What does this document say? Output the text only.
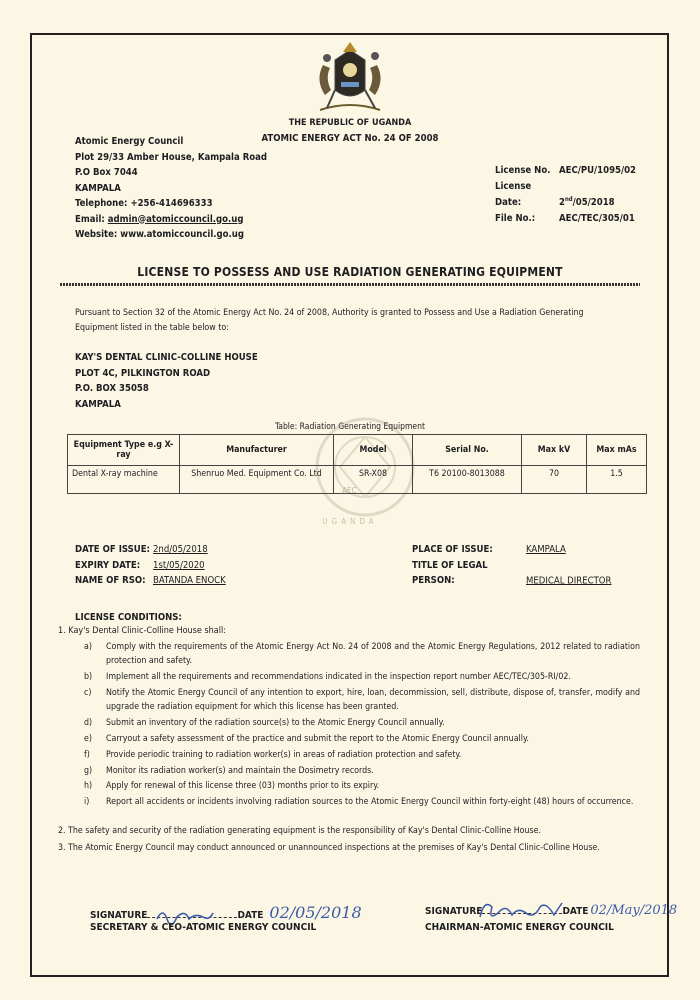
THE REPUBLIC OF UGANDA
ATOMIC ENERGY ACT No. 24 OF 2008
Atomic Energy Council
Plot 29/33 Amber House, Kampala Road
P.O Box 7044
KAMPALA
Telephone: +256-414696333
Email: admin@atomiccouncil.go.ug
Website: www.atomiccouncil.go.ug
License No. AEC/PU/1095/02
License Date:	2nd/05/2018
File No.:	AEC/TEC/305/01
LICENSE TO POSSESS AND USE RADIATION GENERATING EQUIPMENT
Pursuant to Section 32 of the Atomic Energy Act No. 24 of 2008, Authority is granted to Possess and Use a Radiation Generating Equipment listed in the table below to:
KAY'S DENTAL CLINIC-COLLINE HOUSE
PLOT 4C, PILKINGTON ROAD
P.O. BOX 35058
KAMPALA
Table: Radiation Generating Equipment
Equipment Type e.g X-ray	Manufacturer	Model	Serial No.	Max kV	Max mAs
Dental X-ray machine	Shenruo Med. Equipment Co. Ltd	SR-X08	T6 20100-8013088	70	1.5
AEC
UGANDA
DATE OF ISSUE: 2nd/05/2018
EXPIRY DATE: 1st/05/2020
NAME OF RSO: BATANDA ENOCK
PLACE OF ISSUE:	KAMPALA
TITLE OF LEGAL PERSON:	MEDICAL DIRECTOR
LICENSE CONDITIONS:
1. Kay's Dental Clinic-Colline House shall:
a) Comply with the requirements of the Atomic Energy Act No. 24 of 2008 and the Atomic Energy Regulations, 2012 related to radiation protection and safety.
b) Implement all the requirements and recommendations indicated in the inspection report number AEC/TEC/305-RI/02.
c) Notify the Atomic Energy Council of any intention to export, hire, loan, decommission, sell, distribute, dispose of, transfer, modify and upgrade the radiation equipment for which this license has been granted.
d) Submit an inventory of the radiation source(s) to the Atomic Energy Council annually.
e) Carryout a safety assessment of the practice and submit the report to the Atomic Energy Council annually.
f) Provide periodic training to radiation worker(s) in areas of radiation protection and safety.
g) Monitor its radiation worker(s) and maintain the Dosimetry records.
h) Apply for renewal of this license three (03) months prior to its expiry.
i) Report all accidents or incidents involving radiation sources to the Atomic Energy Council within forty-eight (48) hours of occurrence.
2. The safety and security of the radiation generating equipment is the responsibility of Kay's Dental Clinic-Colline House.
3. The Atomic Energy Council may conduct announced or unannounced inspections at the premises of Kay's Dental Clinic-Colline House.
SIGNATURE	DATE 02/05/2018
SECRETARY & CEO-ATOMIC ENERGY COUNCIL
SIGNATURE	DATE 02/May/2018
CHAIRMAN-ATOMIC ENERGY COUNCIL
